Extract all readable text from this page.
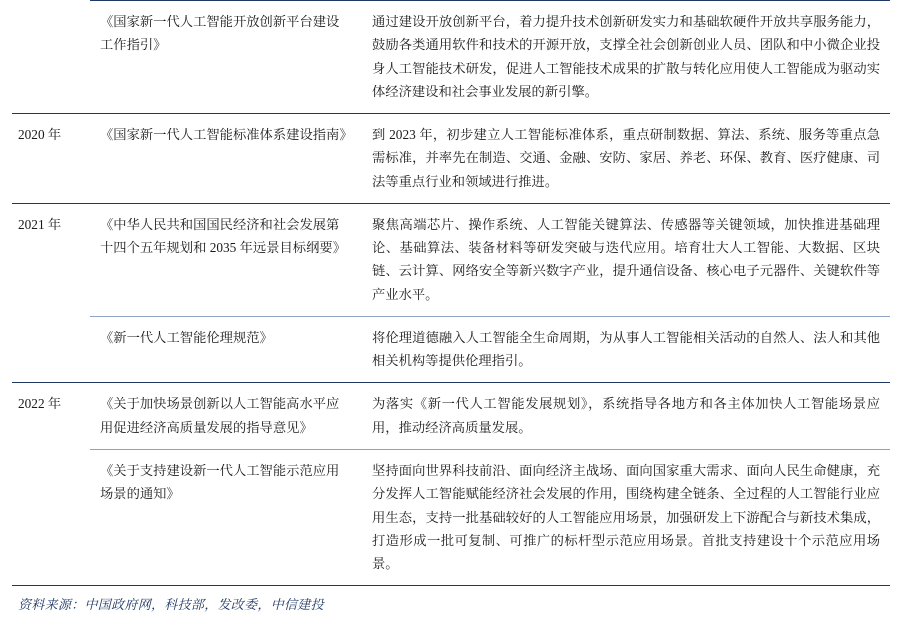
	《国家新一代人工智能开放创新平台建设工作指引》	通过建设开放创新平台，着力提升技术创新研发实力和基础软硬件开放共享服务能力，鼓励各类通用软件和技术的开源开放，支撑全社会创新创业人员、团队和中小微企业投身人工智能技术研发，促进人工智能技术成果的扩散与转化应用使人工智能成为驱动实体经济建设和社会事业发展的新引擎。
2020 年	《国家新一代人工智能标准体系建设指南》	到 2023 年，初步建立人工智能标准体系，重点研制数据、算法、系统、服务等重点急需标准，并率先在制造、交通、金融、安防、家居、养老、环保、教育、医疗健康、司法等重点行业和领域进行推进。
2021 年	《中华人民共和国国民经济和社会发展第十四个五年规划和 2035 年远景目标纲要》	聚焦高端芯片、操作系统、人工智能关键算法、传感器等关键领域，加快推进基础理论、基础算法、装备材料等研发突破与迭代应用。培育壮大人工智能、大数据、区块链、云计算、网络安全等新兴数字产业，提升通信设备、核心电子元器件、关键软件等产业水平。
	《新一代人工智能伦理规范》	将伦理道德融入人工智能全生命周期，为从事人工智能相关活动的自然人、法人和其他相关机构等提供伦理指引。
2022 年	《关于加快场景创新以人工智能高水平应用促进经济高质量发展的指导意见》	为落实《新一代人工智能发展规划》，系统指导各地方和各主体加快人工智能场景应用，推动经济高质量发展。
	《关于支持建设新一代人工智能示范应用场景的通知》	坚持面向世界科技前沿、面向经济主战场、面向国家重大需求、面向人民生命健康，充分发挥人工智能赋能经济社会发展的作用，围绕构建全链条、全过程的人工智能行业应用生态，支持一批基础较好的人工智能应用场景，加强研发上下游配合与新技术集成，打造形成一批可复制、可推广的标杆型示范应用场景。首批支持建设十个示范应用场景。
资料来源：中国政府网，科技部，发改委，中信建投
